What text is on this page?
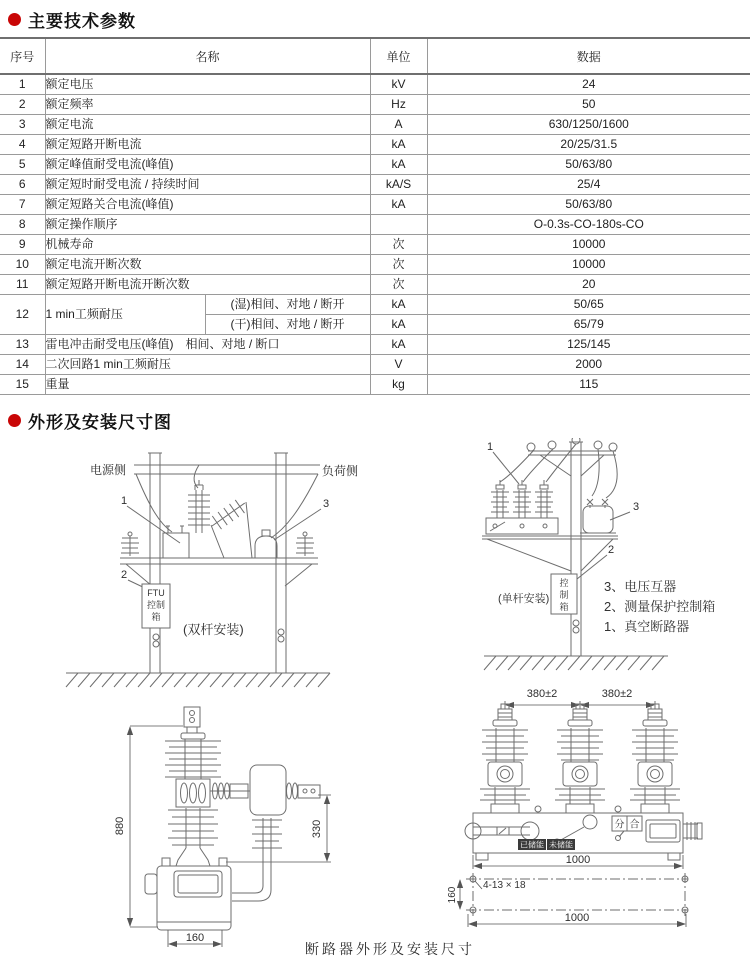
主要技术参数
序号	名称		单位	数据
1	额定电压		kV	24
2	额定频率		Hz	50
3	额定电流		A	630/1250/1600
4	额定短路开断电流		kA	20/25/31.5
5	额定峰值耐受电流(峰值)		kA	50/63/80
6	额定短时耐受电流 / 持续时间		kA/S	25/4
7	额定短路关合电流(峰值)		kA	50/63/80
8	额定操作顺序			O-0.3s-CO-180s-CO
9	机械寿命		次	10000
10	额定电流开断次数		次	10000
11	额定短路开断电流开断次数		次	20
12	1 min工频耐压	(湿)相间、对地 / 断开	kA	50/65
		(干)相间、对地 / 断开	kA	65/79
13	雷电冲击耐受电压(峰值)　相间、对地 / 断口		kA	125/145
14	二次回路1 min工频耐压		V	2000
15	重量		kg	115
外形及安装尺寸图
电源侧	负荷侧
1	3
2
FTU
控制
箱
(双杆安装)
控
制
箱
1
3
2
(单杆安装)
3、电压互器
2、测量保护控制箱
1、真空断路器
880	330
160
380±2	380±2
分 合
已储能 未储能
1000
160
4-13 × 18
1000
断路器外形及安装尺寸
